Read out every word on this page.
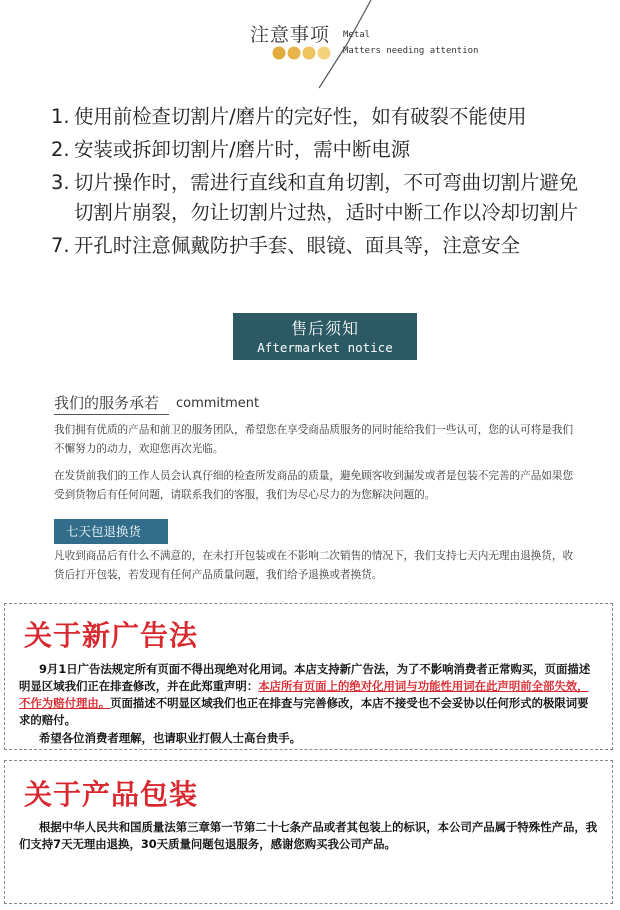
注意事项 Metal
Matters needing attention
1. 使用前检查切割片/磨片的完好性，如有破裂不能使用
2. 安装或拆卸切割片/磨片时，需中断电源
3. 切片操作时，需进行直线和直角切割，不可弯曲切割片避免切割片崩裂，勿让切割片过热，适时中断工作以冷却切割片
7. 开孔时注意佩戴防护手套、眼镜、面具等，注意安全
售后须知
Aftermarket notice
我们的服务承若 commitment
我们拥有优质的产品和前卫的服务团队，希望您在享受商品质服务的同时能给我们一些认可，您的认可将是我们不懈努力的动力，欢迎您再次光临。
在发货前我们的工作人员会认真仔细的检查所发商品的质量，避免顾客收到漏发或者是包装不完善的产品如果您受到货物后有任何问题，请联系我们的客服，我们为尽心尽力的为您解决问题的。
七天包退换货
凡收到商品后有什么不满意的，在未打开包装或在不影响二次销售的情况下，我们支持七天内无理由退换货，收货后打开包装，若发现有任何产品质量问题，我们给予退换或者换货。
关于新广告法
9月1日广告法规定所有页面不得出现绝对化用词。本店支持新广告法，为了不影响消费者正常购买，页面描述明显区域我们正在排查修改，并在此郑重声明：本店所有页面上的绝对化用词与功能性用词在此声明前全部失效，不作为赔付理由。页面描述不明显区域我们也正在排查与完善修改，本店不接受也不会妥协以任何形式的极限词要求的赔付。
希望各位消费者理解，也请职业打假人士高台贵手。
关于产品包装
根据中华人民共和国质量法第三章第一节第二十七条产品或者其包装上的标识，本公司产品属于特殊性产品，我们支持7天无理由退换，30天质量问题包退服务，感谢您购买我公司产品。
